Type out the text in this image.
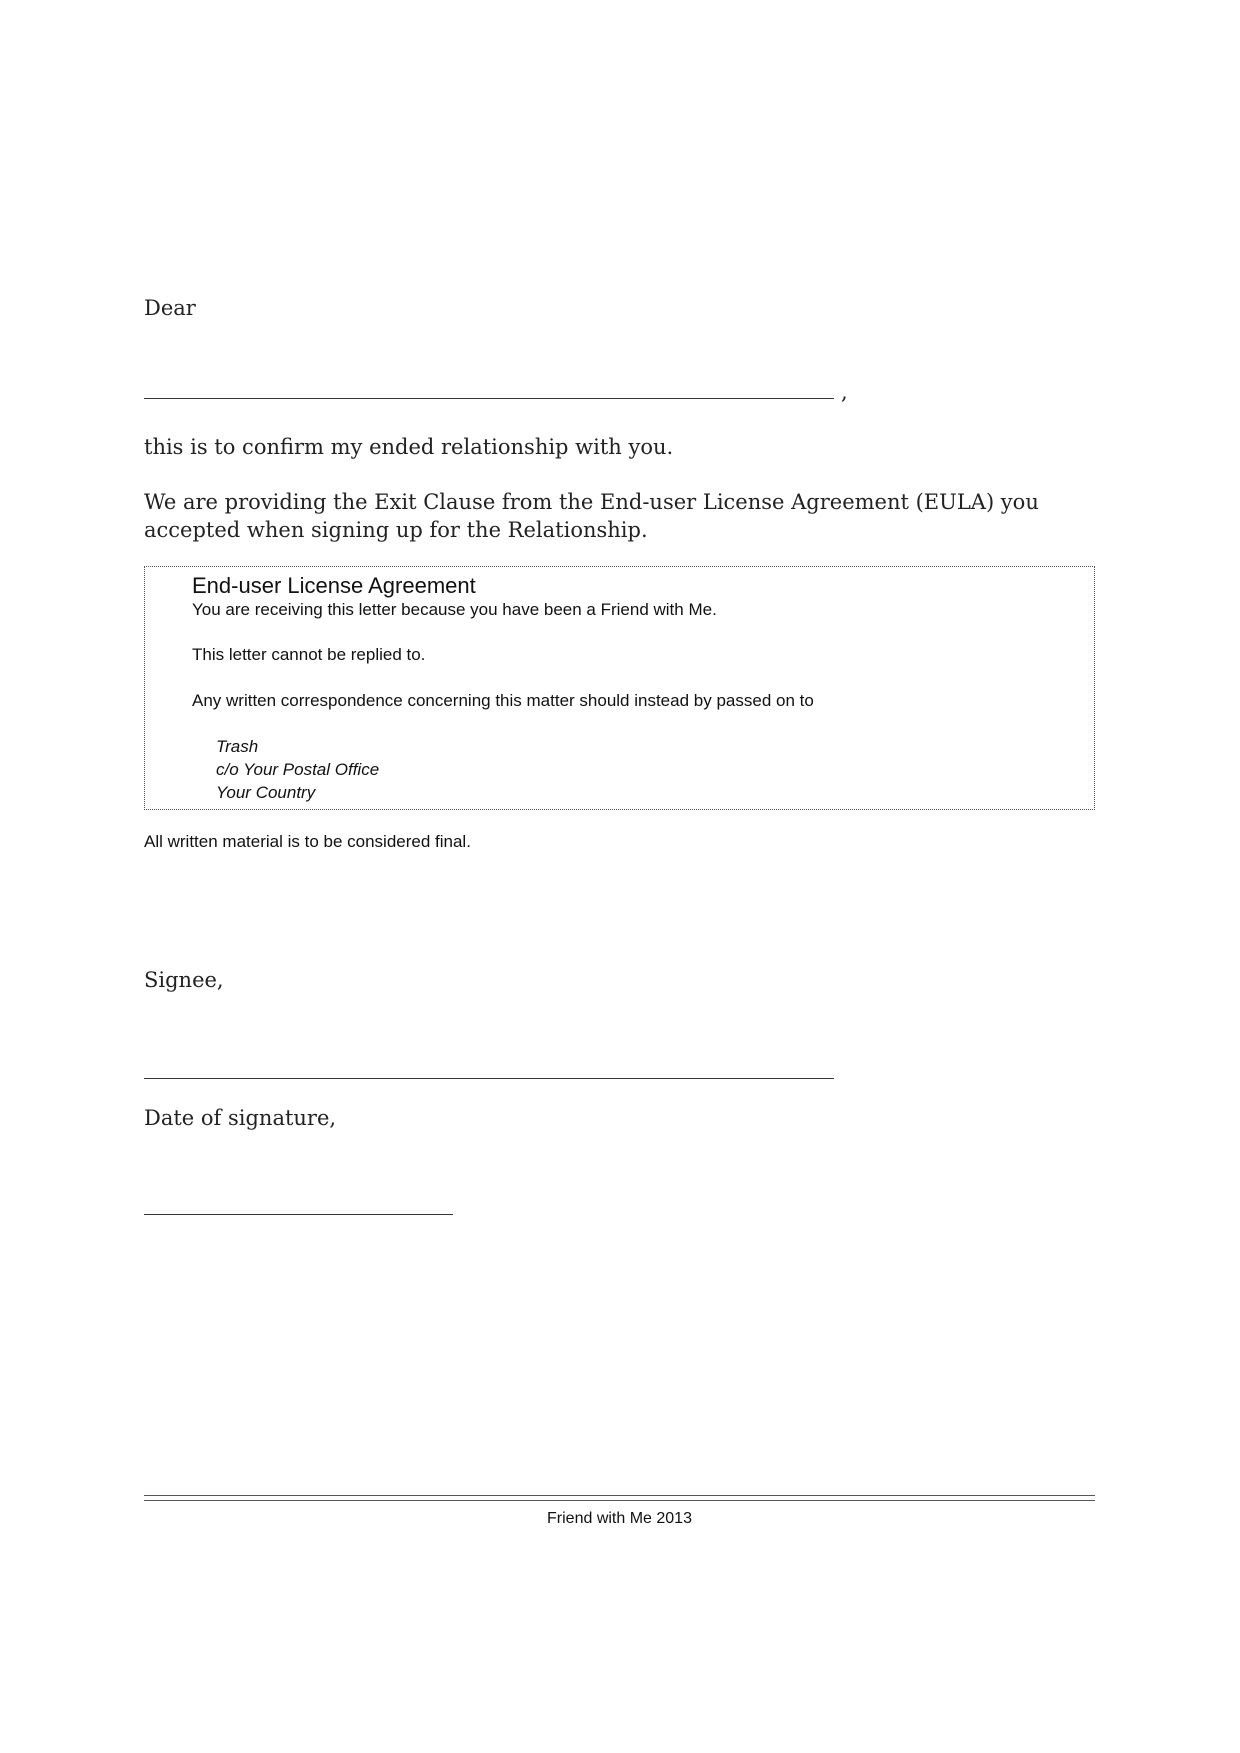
Dear

,

this is to confirm my ended relationship with you.

We are providing the Exit Clause from the End-user License Agreement (EULA) you accepted when signing up for the Relationship.

End-user License Agreement

You are receiving this letter because you have been a Friend with Me.

This letter cannot be replied to.

Any written correspondence concerning this matter should instead by passed on to

Trash

c/o Your Postal Office

Your Country

All written material is to be considered final.

Signee,

Date of signature,

Friend with Me 2013
